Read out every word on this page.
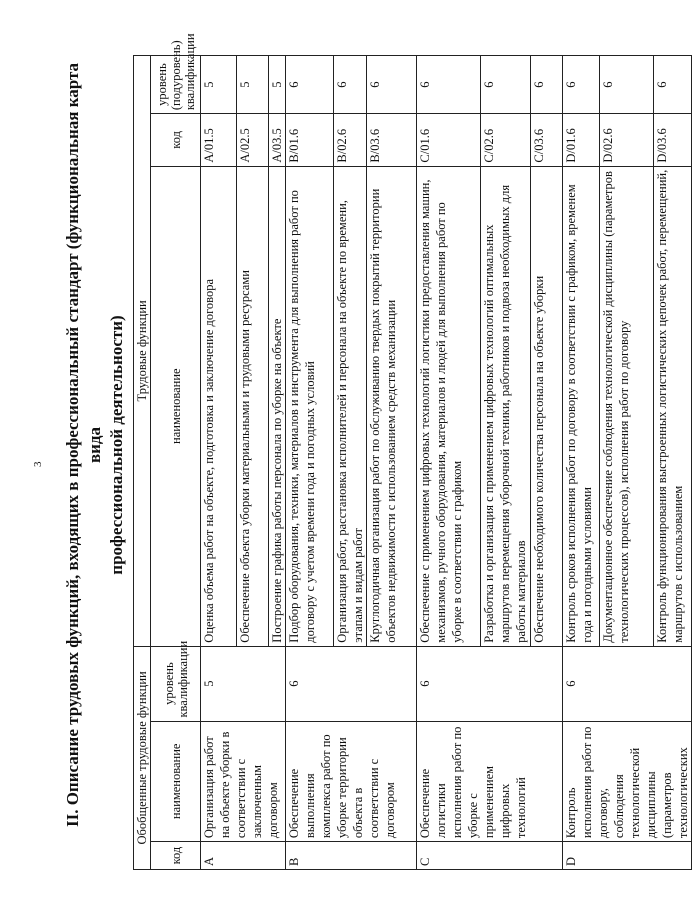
3 II. Описание трудовых функций, входящих в профессиональный стандарт (функциональная карта вида профессиональной деятельности)
Обобщенные трудовые функции			Трудовые функции		
код	наименование	уровень квалификации	наименование	код	уровень (подуровень) квалификации
A	Организация работ на объекте уборки в соответствии с заключенным договором	5	Оценка объема работ на объекте, подготовка и заключение договора	A/01.5	5
			Обеспечение объекта уборки материальными и трудовыми ресурсами	A/02.5	5
			Построение графика работы персонала по уборке на объекте	A/03.5	5
B	Обеспечение выполнения комплекса работ по уборке территории объекта в соответствии с договором	6	Подбор оборудования, техники, материалов и инструмента для выполнения работ по договору с учетом времени года и погодных условий	B/01.6	6
			Организация работ, расстановка исполнителей и персонала на объекте по времени, этапам и видам работ	B/02.6	6
			Круглогодичная организация работ по обслуживанию твердых покрытий территории объектов недвижимости с использованием средств механизации	B/03.6	6
C	Обеспечение логистики исполнения работ по уборке с применением цифровых технологий	6	Обеспечение с применением цифровых технологий логистики предоставления машин, механизмов, ручного оборудования, материалов и людей для выполнения работ по уборке в соответствии с графиком	C/01.6	6
			Разработка и организация с применением цифровых технологий оптимальных маршрутов перемещения уборочной техники, работников и подвоза необходимых для работы материалов	C/02.6	6
			Обеспечение необходимого количества персонала на объекте уборки	C/03.6	6
D	Контроль исполнения работ по договору, соблюдения технологической дисциплины (параметров технологических	6	Контроль сроков исполнения работ по договору в соответствии с графиком, временем года и погодными условиями	D/01.6	6
			Документационное обеспечение соблюдения технологической дисциплины (параметров технологических процессов), исполнения работ по договору	D/02.6	6
			Контроль функционирования выстроенных логистических цепочек работ, перемещений, маршрутов с использованием	D/03.6	6
